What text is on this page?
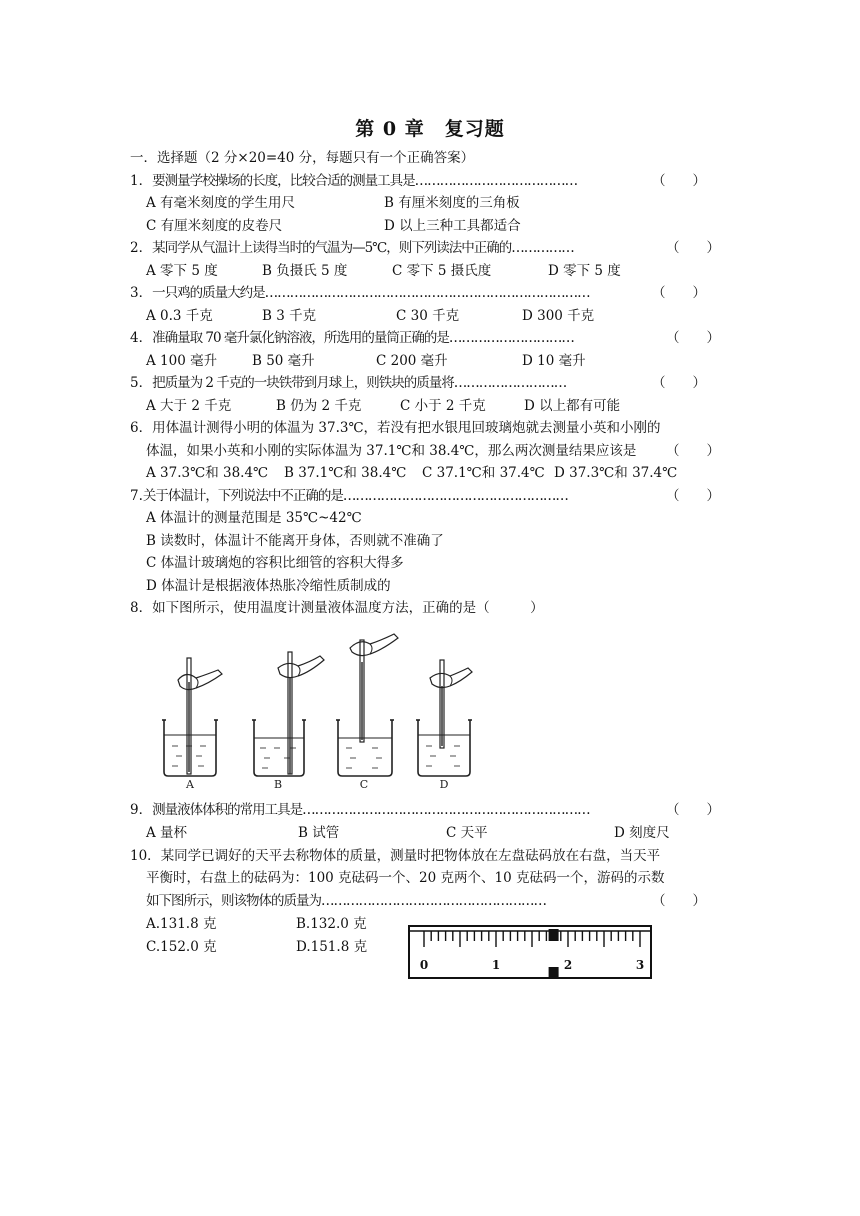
第 0 章　复习题
一．选择题（2 分×20=40 分，每题只有一个正确答案）
1．要测量学校操场的长度，比较合适的测量工具是…………………………………	（　　）
A 有毫米刻度的学生用尺	B 有厘米刻度的三角板
C 有厘米刻度的皮卷尺	D 以上三种工具都适合
2．某同学从气温计上读得当时的气温为—5℃，则下列读法中正确的……………	（　　）
A 零下 5 度	B 负摄氏 5 度	C 零下 5 摄氏度	D 零下 5 度
3．一只鸡的质量大约是……………………………………………………………………	（　　）
A 0.3 千克	B 3 千克	C 30 千克	D 300 千克
4．准确量取 70 毫升氯化钠溶液，所选用的量筒正确的是…………………………	（　　）
A 100 毫升	B 50 毫升	C 200 毫升	D 10 毫升
5．把质量为 2 千克的一块铁带到月球上，则铁块的质量将………………………	（　　）
A 大于 2 千克	B 仍为 2 千克	C 小于 2 千克	D 以上都有可能
6．用体温计测得小明的体温为 37.3℃，若没有把水银甩回玻璃炮就去测量小英和小刚的
体温，如果小英和小刚的实际体温为 37.1℃和 38.4℃，那么两次测量结果应该是 （　　）
A 37.3℃和 38.4℃ B 37.1℃和 38.4℃ C 37.1℃和 37.4℃ D 37.3℃和 37.4℃
7.关于体温计，下列说法中不正确的是………………………………………………	（　　）
A 体温计的测量范围是 35℃~42℃
B 读数时，体温计不能离开身体，否则就不准确了
C 体温计玻璃炮的容积比细管的容积大得多
D 体温计是根据液体热胀冷缩性质制成的
8．如下图所示，使用温度计测量液体温度方法，正确的是（　　　）
A	B	C	D
9．测量液体体积的常用工具是……………………………………………………………	（　　）
A 量杯	B 试管	C 天平	D 刻度尺
10．某同学已调好的天平去称物体的质量，测量时把物体放在左盘砝码放在右盘，当天平
平衡时，右盘上的砝码为：100 克砝码一个、20 克两个、10 克砝码一个，游码的示数
如下图所示，则该物体的质量为………………………………………………	（　　）
A.131.8 克	B.132.0 克
C.152.0 克	D.151.8 克
0	1	2	3
